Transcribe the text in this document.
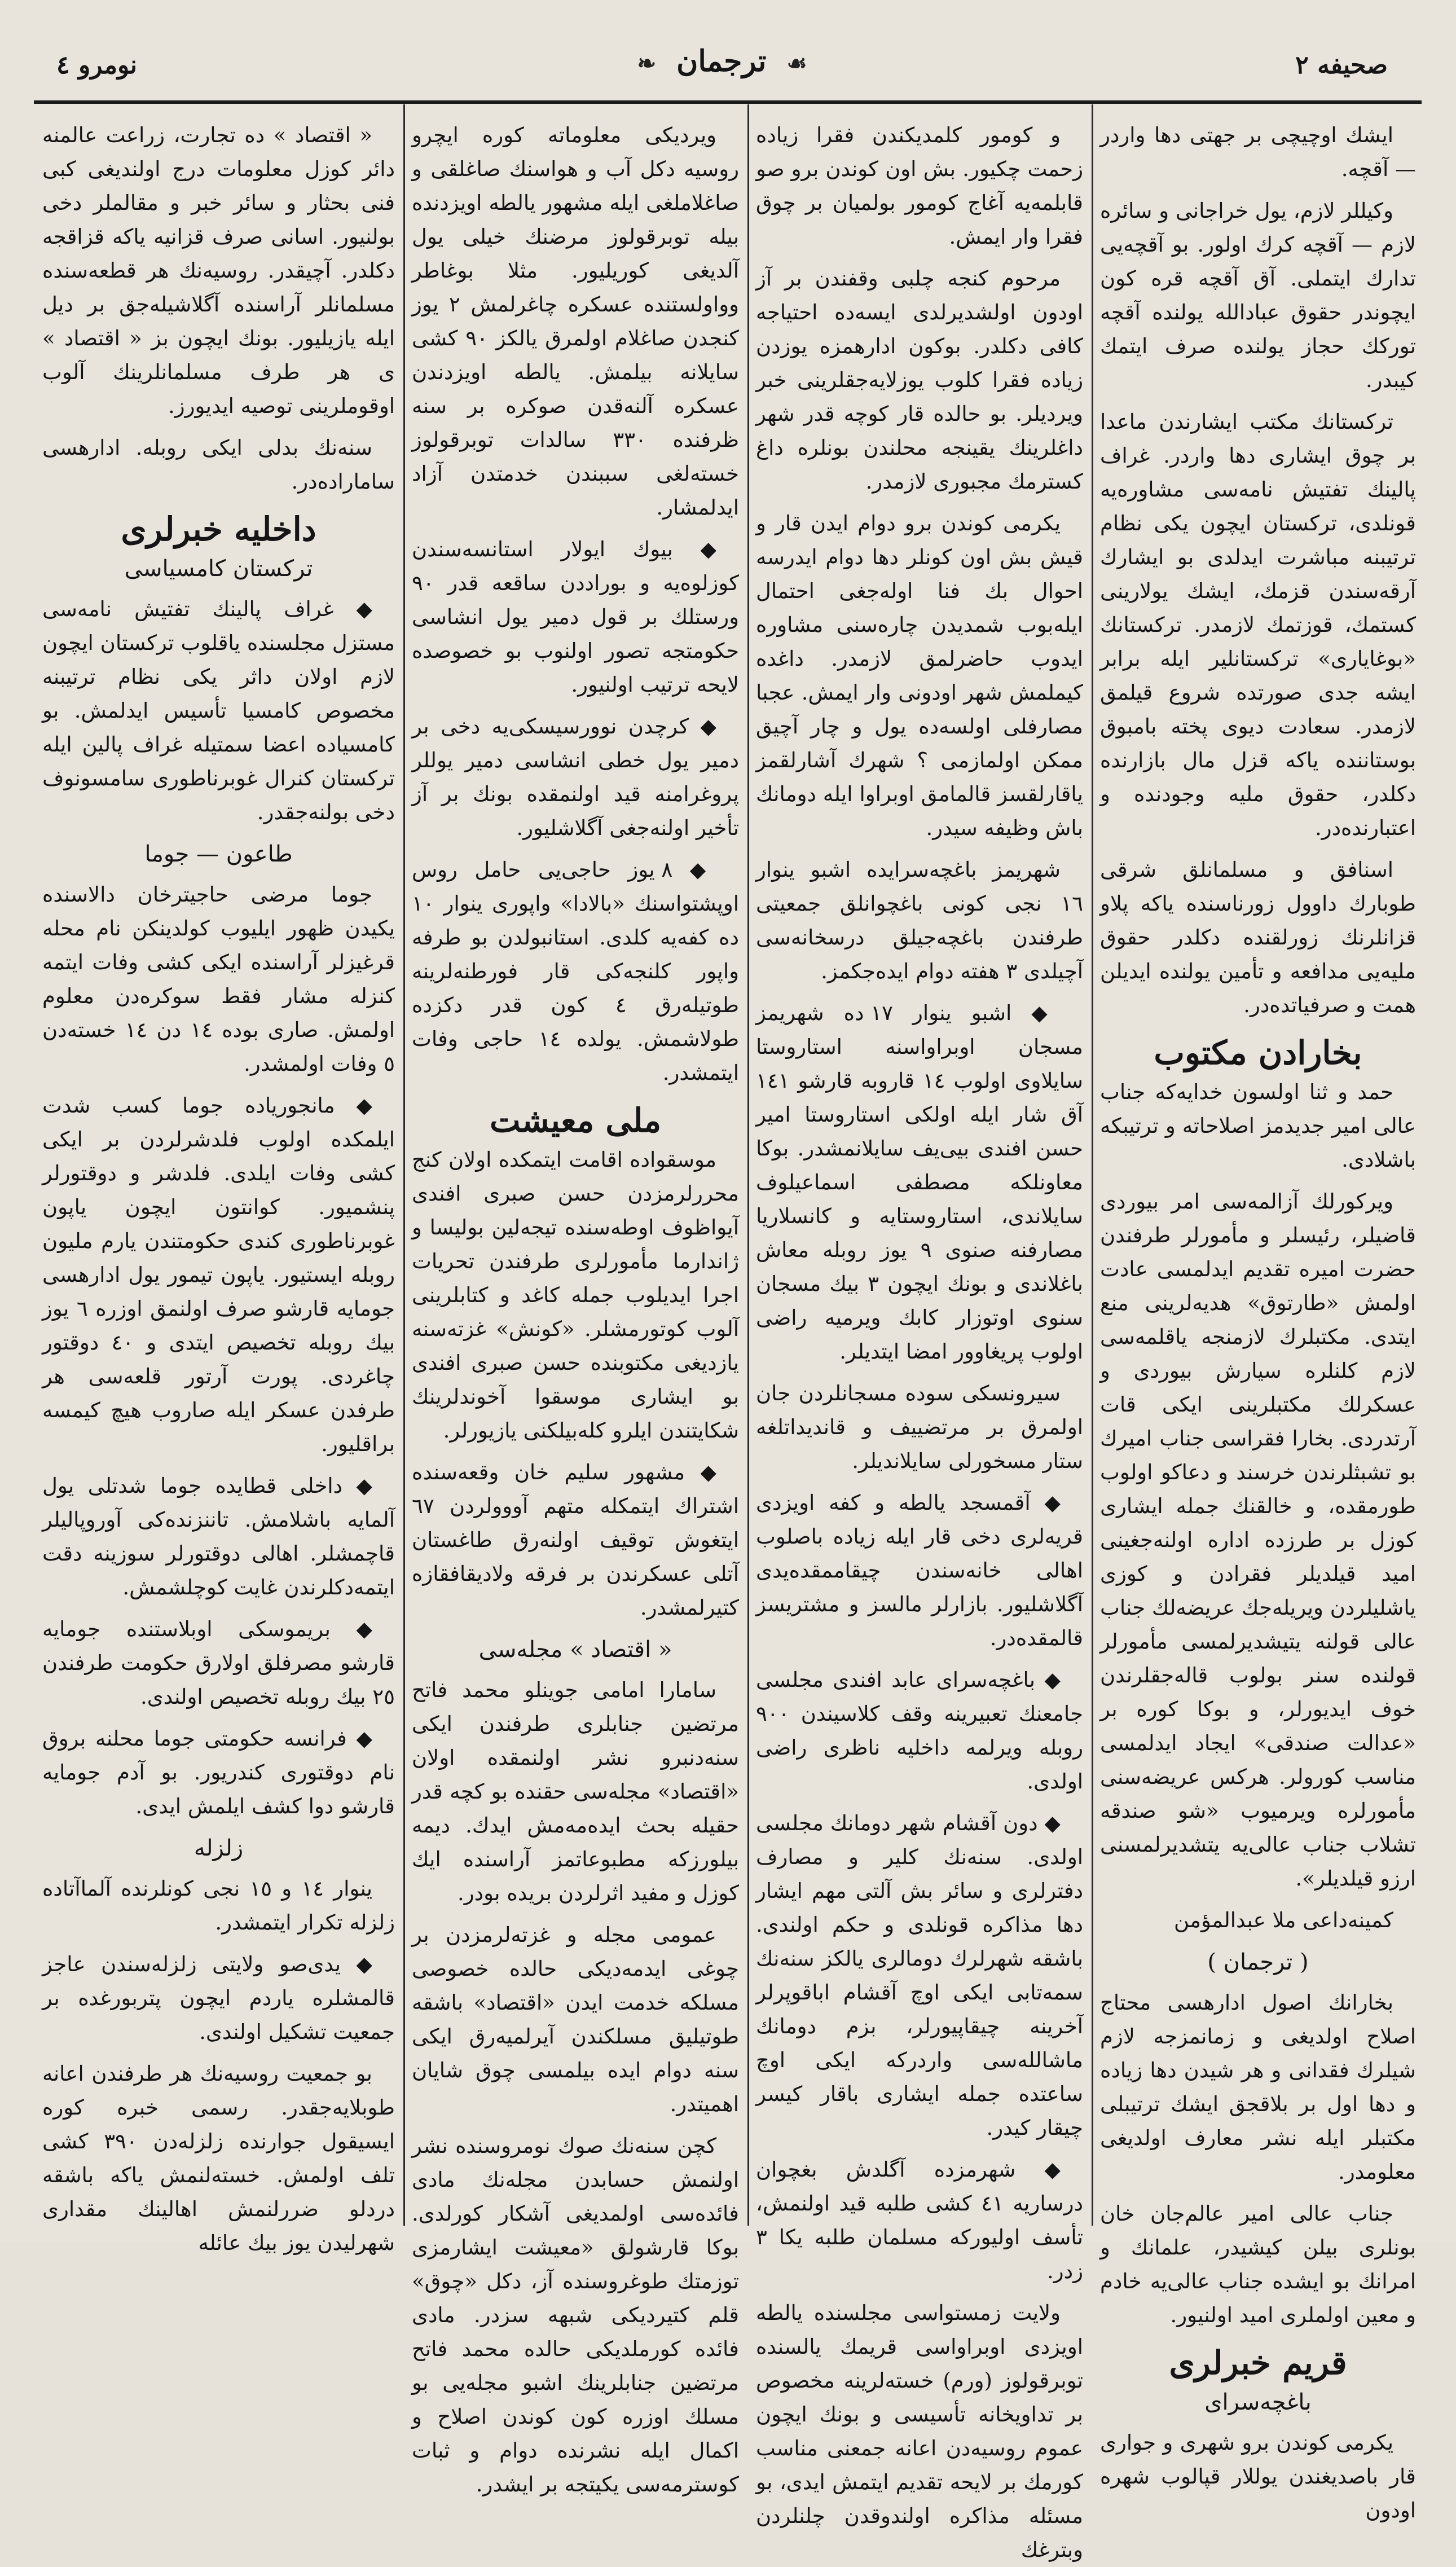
صحیفه ۲
☙ ترجمان ❧
نومرو ٤

ایشك اوچیچی بر جهتی دها واردر — آقچه.

وکیللر لازم، یول خراجانی و سائره لازم — آقچه کرك اولور. بو آقچه‌یی تدارك ایتملی. آق آقچه قره کون ایچوندر حقوق عبادالله یولنده آقچه تورکك حجاز یولنده صرف ایتمك کیبدر.

ترکستانك مکتب ایشارندن ماعدا بر چوق ایشاری دها واردر. غراف پالینك تفتیش نامه‌سی مشاوره‌یه قونلدی، ترکستان ایچون یکی نظام ترتیبنه مباشرت ایدلدی بو ایشارك آرقه‌سندن قزمك، ایشك یولارینی کستمك، قوزتمك لازمدر. ترکستانك «بوغایاری» ترکستانلیر ایله برابر ایشه جدی صورتده شروع قیلمق لازمدر. سعادت دیوی پخته بامبوق بوستاننده یاکه قزل مال بازارنده دکلدر، حقوق ملیه وجودنده و اعتبارنده‌در.

اسنافق و مسلمانلق شرقی طوبارك داوول زورناسنده یاکه پلاو قزانلرنك زورلقنده دکلدر حقوق ملیه‌یی مدافعه و تأمین یولنده ایدیلن همت و صرفیاتده‌در.

بخارادن مکتوب

حمد و ثنا اولسون خدایه‌که جناب عالی امیر جدیدمز اصلاحاته و ترتیبکه باشلادی.

ویرکورلك آزالمه‌سی امر بیوردی قاضیلر، رئیسلر و مأمورلر طرفندن حضرت امیره تقدیم ایدلمسی عادت اولمش «طارتوق» هدیه‌لرینی منع ایتدی. مکتبلرك لازمنجه یاقلمه‌سی لازم کلنلره سیارش بیوردی و عسکرلك مکتبلرینی ایکی قات آرتدردی. بخارا فقراسی جناب امیرك بو تشبثلرندن خرسند و دعاکو اولوب طورمقده، و خالقنك جمله ایشاری کوزل بر طرزده اداره اولنه‌جغینی امید قیلدیلر فقرادن و کوزی یاشلیلردن ویریله‌جك عریضه‌لك جناب عالی قولنه یتیشدیرلمسی مأمورلر قولنده سنر بولوب قاله‌جقلرندن خوف ایدیورلر، و بوکا کوره بر «عدالت صندقی» ایجاد ایدلمسی مناسب کورولر. هرکس عریضه‌سنی مأمورلره ویرمیوب «شو صندقه تشلاب جناب عالی‌یه یتشدیرلمسنی ارزو قیلدیلر».

کمینه‌داعی ملا عبدالمؤمن

( ترجمان )

بخارانك اصول ادارهسی محتاج اصلاح اولدیغی و زمانمزجه لازم شیلرك فقدانی و هر شیدن دها زیاده و دها اول بر بلاقجق ایشك ترتیبلی مکتبلر ایله نشر معارف اولدیغی معلومدر.

جناب عالی امیر عالم‌جان خان بونلری بیلن کیشیدر، علمانك و امرانك بو ایشده جناب عالی‌یه خادم و معین اولملری امید اولنیور.

قریم خبرلری
باغچه‌سرای

یکرمی کوندن برو شهری و جواری قار باصدیغندن یوللار قپالوب شهره اودون

و کومور کلمدیکندن فقرا زیاده زحمت چکیور. بش اون کوندن برو صو قابلمه‌یه آغاج کومور بولمیان بر چوق فقرا وار ایمش.

مرحوم کنجه چلبی وقفندن بر آز اودون اولشدیرلدی ایسه‌ده احتیاجه کافی دکلدر. بوکون ادارهمزه یوزدن زیاده فقرا کلوب یوزلایه‌جقلرینی خبر ویردیلر. بو حالده قار کوچه قدر شهر داغلرینك یقینجه محلندن بونلره داغ کسترمك مجبوری لازمدر.

یکرمی کوندن برو دوام ایدن قار و قیش بش اون کونلر دها دوام ایدرسه احوال بك فنا اوله‌جغی احتمال ایله‌بوب شمدیدن چاره‌سنی مشاوره ایدوب حاضرلمق لازمدر. داغده کیملمش شهر اودونی وار ایمش. عجبا مصارفلی اولسه‌ده یول و چار آچیق ممکن اولمازمی ؟ شهرك آشارلقمز یاقارلقسز قالمامق اوبراوا ایله دومانك باش وظیفه سیدر.

شهریمز باغچه‌سرایده اشبو ینوار ١٦ نجی کونی باغچوانلق جمعیتی طرفندن باغچه‌جیلق درسخانه‌سی آچیلدی ٣ هفته دوام ایده‌جکمز.

◆ اشبو ینوار ١٧ ده شهریمز مسجان اوبراواسنه استاروستا سایلاوی اولوب ١٤ قاروبه قارشو ١٤١ آق شار ایله اولکی استاروستا امیر حسن افندی بیی‌یف سایلانمشدر. بوکا معاونلکه مصطفی اسماعیلوف سایلاندی، استاروستایه و کانسلاریا مصارفنه صنوی ٩ یوز روبله معاش باغلاندی و بونك ایچون ٣ بیك مسجان سنوی اوتوزار کابك ویرمیه راضی اولوب پریغاوور امضا ایتدیلر.

سیرونسکی سوده مسجانلردن جان اولمرق بر مرتضییف و قاندیداتلغه ستار مسخورلی سایلاندیلر.

◆ آقمسجد یالطه و کفه اویزدی قریه‌لری دخی قار ایله زیاده باصلوب اهالی خانه‌سندن چیقاممقده‌یدی آگلاشلیور. بازارلر مالسز و مشتریسز قالمقده‌در.

◆ باغچه‌سرای عابد افندی مجلسی جامعنك تعبیرینه وقف کلاسیندن ٩٠٠ روبله ویرلمه داخلیه ناظری راضی اولدی.

◆ دون آقشام شهر دومانك مجلسی اولدی. سنه‌نك کلیر و مصارف دفترلری و سائر بش آلتی مهم ایشار دها مذاکره قونلدی و حکم اولندی. باشقه شهرلرك دومالری یالکز سنه‌نك سمه‌تابی ایکی اوچ آقشام اباقوپرلر آخرینه چیقاپیورلر، بزم دومانك ماشالله‌سی واردرکه ایکی اوچ ساعتده جمله ایشاری باقار کیسر چیقار کیدر.

◆ شهرمزده آگلدش بغچوان درساریه ٤١ کشی طلبه قید اولنمش، تأسف اولیورکه مسلمان طلبه یکا ٣ زدر.

ولایت زمستواسی مجلسنده یالطه اویزدی اوبراواسی قریمك یالسنده توبرقولوز (ورم) خسته‌لرینه مخصوص بر تداویخانه تأسیسی و بونك ایچون عموم روسیه‌دن اعانه جمعنی مناسب کورمك بر لایحه تقدیم ایتمش ایدی، بو مسئله مذاکره اولندوقدن چلنلردن وبترغك

ویردیکی معلوماته کوره ایچرو روسیه دکل آب و هواسنك صاغلقی و صاغلاملغی ایله مشهور یالطه اویزدنده بیله توبرقولوز مرضنك خیلی یول آلدیغی کوریلیور. مثلا بوغاطر وواولستنده عسکره چاغرلمش ٢ یوز کنجدن صاغلام اولمرق یالکز ٩٠ کشی سایلانه بیلمش. یالطه اویزدندن عسکره آلنه‌قدن صوکره بر سنه ظرفنده ٣٣٠ سالدات توبرقولوز خسته‌لغی سببندن خدمتدن آزاد ایدلمشار.

◆ بیوك ایولار استانسه‌سندن کوزلوه‌یه و بوراددن ساقعه قدر ٩٠ ورستلك بر قول دمیر یول انشاسی حکومتجه تصور اولنوب بو خصوصده لایحه ترتیب اولنیور.

◆ کرچدن نوورسیسکی‌یه دخی بر دمیر یول خطی انشاسی دمیر یوللر پروغرامنه قید اولنمقده بونك بر آز تأخیر اولنه‌جغی آگلاشلیور.

◆ ٨ یوز حاجی‌یی حامل روس اوپشتواسنك «بالادا» واپوری ینوار ١٠ ده کفه‌یه کلدی. استانبولدن بو طرفه واپور کلنجه‌کی قار فورطنه‌لرینه طوتیله‌رق ٤ کون قدر دکزده طولاشمش. یولده ١٤ حاجی وفات ایتمشدر.

ملی معیشت

موسقواده اقامت ایتمکده اولان کنج محررلرمزدن حسن صبری افندی آیواظوف اوطه‌سنده تیجه‌لین بولیسا و ژاندارما مأمورلری طرفندن تحریات اجرا ایدیلوب جمله کاغد و کتابلرینی آلوب کوتورمشلر. «کونش» غزته‌سنه یازدیغی مکتوبنده حسن صبری افندی بو ایشاری موسقوا آخوندلرینك شکایتندن ایلرو کله‌بیلکنی یازیورلر.

◆ مشهور سلیم خان وقعه‌سنده اشتراك ایتمکله متهم آووولردن ٦٧ ایتغوش توقیف اولنه‌رق طاغستان آتلی عسکرندن بر فرقه ولادیقافقازه کتیرلمشدر.

« اقتصاد » مجله‌سی

سامارا امامی جوینلو محمد فاتح مرتضین جنابلری طرفندن ایکی سنه‌دنبرو نشر اولنمقده اولان «اقتصاد» مجله‌سی حقنده بو کچه قدر حقیله بحث ایده‌مه‌مش ایدك. دیمه بیلورزکه مطبوعاتمز آراسنده ایك کوزل و مفید اثرلردن بریده بودر.

عمومی مجله و غزته‌لرمزدن بر چوغی ایدمه‌دیکی حالده خصوصی مسلکه خدمت ایدن «اقتصاد» باشقه طوتیلیق مسلکندن آیرلمیه‌رق ایکی سنه دوام ایده بیلمسی چوق شایان اهمیتدر.

کچن سنه‌نك صوك نومروسنده نشر اولنمش حسابدن مجله‌نك مادی فائده‌سی اولمدیغی آشکار کورلدی. بوکا قارشولق «معیشت ایشارمزی توزمتك طوغروسنده آز، دکل «چوق» قلم کتیردیکی شبهه سزدر. مادی فائده کورملدیکی حالده محمد فاتح مرتضین جنابلرینك اشبو مجله‌یی بو مسلك اوزره کون کوندن اصلاح و اکمال ایله نشرنده دوام و ثبات کوسترمه‌سی یکیتجه بر ایشدر.

« اقتصاد » ده تجارت، زراعت عالمنه دائر کوزل معلومات درج اولندیغی کبی فنی بحثار و سائر خبر و مقالملر دخی بولنیور. اسانی صرف قزانیه یاکه قزاقجه دکلدر. آچیقدر. روسیه‌نك هر قطعه‌سنده مسلمانلر آراسنده آگلاشیله‌جق بر دیل ایله یازیلیور. بونك ایچون بز « اقتصاد » ی هر طرف مسلمانلرینك آلوب اوقوملرینی توصیه ایدیورز.

سنه‌نك بدلی ایکی روبله. ادارهسی سامارا‌ده‌در.

داخلیه خبرلری
ترکستان کامسیاسی

◆ غراف پالینك تفتیش نامه‌سی مستزل مجلسنده یاقلوب ترکستان ایچون لازم اولان داثر یکی نظام ترتیبنه مخصوص کامسیا تأسیس ایدلمش. بو کامسیاده اعضا سمتیله غراف پالین ایله ترکستان کنرال غوبرناطوری سامسونوف دخی بولنه‌جقدر.

طاعون — جوما

جوما مرضی حاجیترخان دالاسنده یکیدن ظهور ایلیوب کولدینکن نام محله قرغیزلر آراسنده ایکی کشی وفات ایتمه کنزله مشار فقط سوکره‌دن معلوم اولمش. صاری بوده ١٤ دن ١٤ خسته‌دن ٥ وفات اولمشدر.

◆ مانجوریاده جوما کسب شدت ایلمکده اولوب فلدشرلردن بر ایکی کشی وفات ایلدی. فلدشر و دوقتورلر پنشمیور. کوانتون ایچون یاپون غوبرناطوری کندی حکومتندن یارم ملیون روبله ایستیور. یاپون تیمور یول ادارهسی جومایه قارشو صرف اولنمق اوزره ٦ یوز بیك روبله تخصیص ایتدی و ٤٠ دوقتور چاغردی. پورت آرتور قلعه‌سی هر طرفدن عسکر ایله صاروب هیچ کیمسه براقلیور.

◆ داخلی قطایده جوما شدتلی یول آلمایه باشلامش. تاننزنده‌کی آوروپالیلر قاچمشلر. اهالی دوقتورلر سوزینه دقت ایتمه‌دکلرندن غایت کوچلشمش.

◆ بریموسکی اوبلاستنده جومایه قارشو مصرفلق اولارق حکومت طرفندن ٢٥ بیك روبله تخصیص اولندی.

◆ فرانسه حکومتی جوما محلنه بروق نام دوقتوری کندریور. بو آدم جومایه قارشو دوا کشف ایلمش ایدی.

زلزله

ینوار ١٤ و ١٥ نجی کونلرنده آلماآتاده زلزله تکرار ایتمشدر.

◆ یدی‌صو ولایتی زلزله‌سندن عاجز قالمشلره یاردم ایچون پتربورغده بر جمعیت تشکیل اولندی.

بو جمعیت روسیه‌نك هر طرفندن اعانه طوبلایه‌جقدر. رسمی خبره کوره ایسیقول جوارنده زلزله‌دن ٣٩٠ کشی تلف اولمش. خسته‌لنمش یاکه باشقه دردلو ضررلنمش اهالینك مقداری شهرلیدن یوز بیك عائله
